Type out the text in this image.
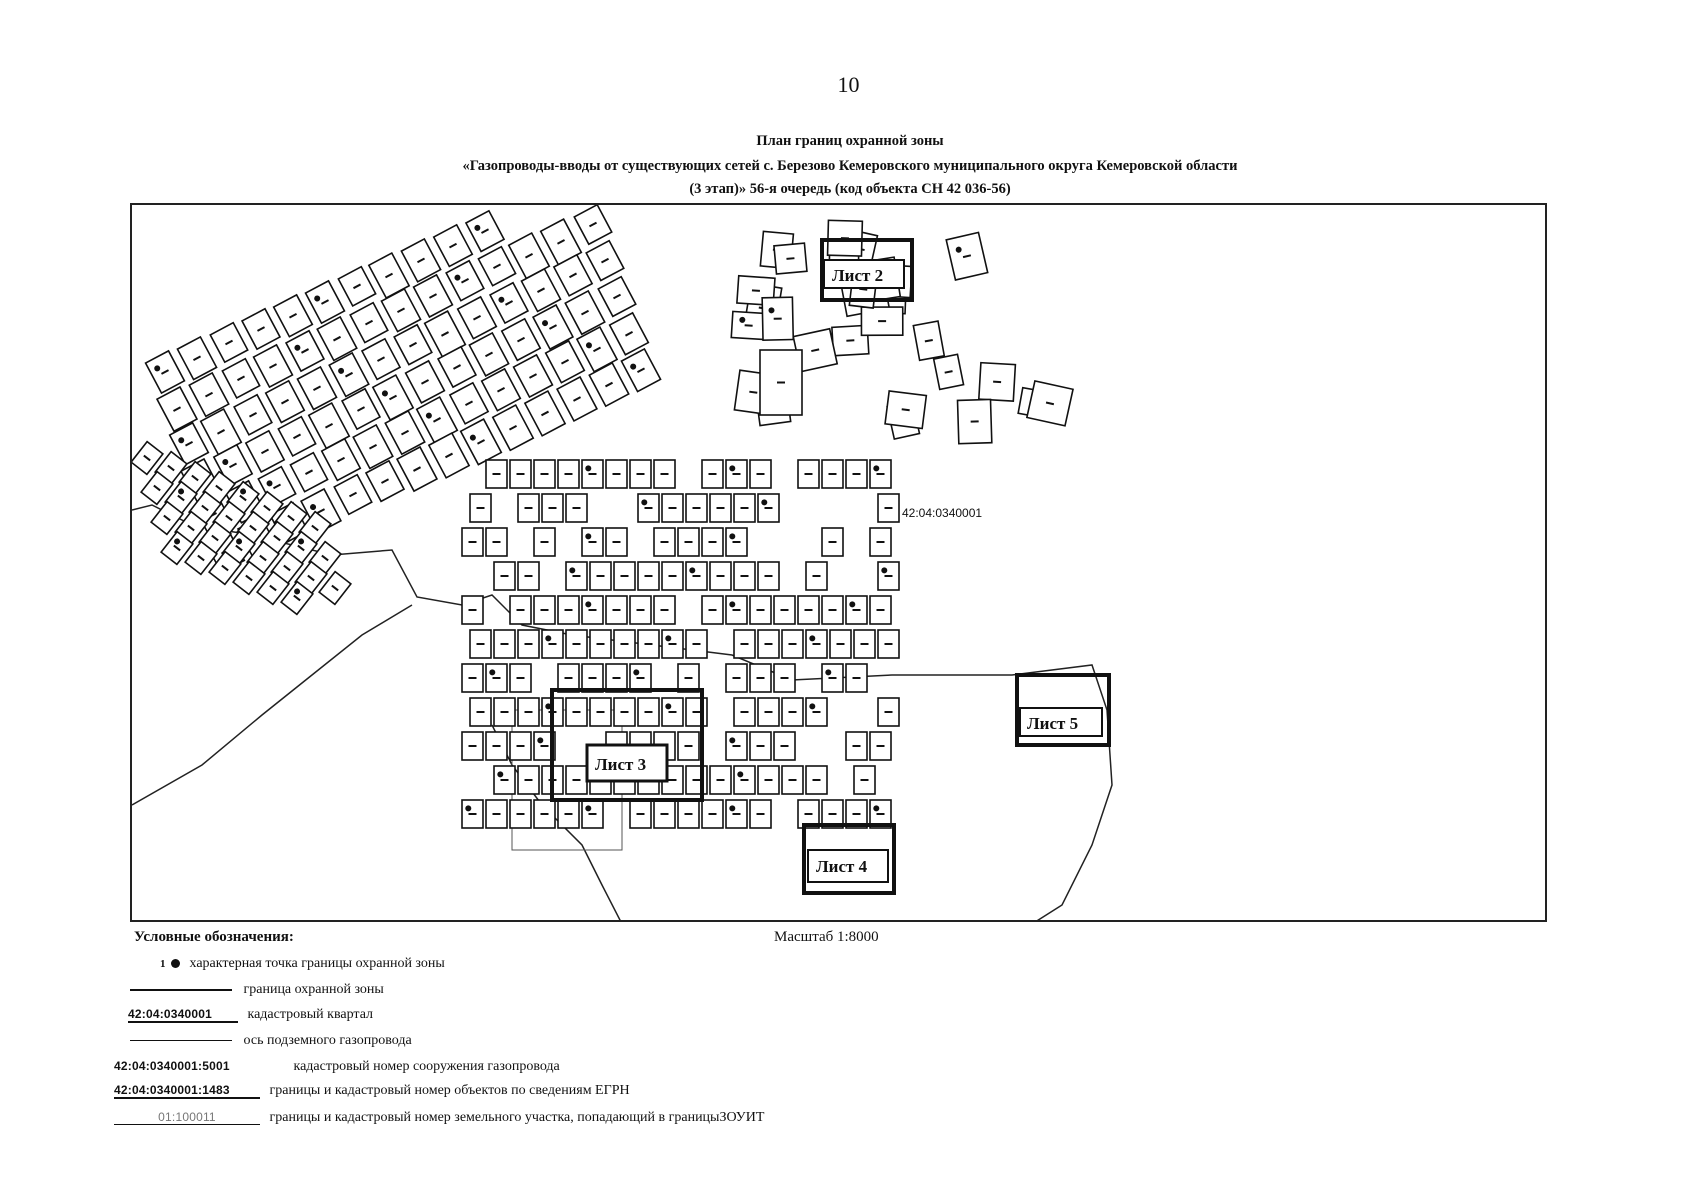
10
План границ охранной зоны
«Газопроводы-вводы от существующих сетей с. Березово Кемеровского муниципального округа Кемеровской области
(3 этап)» 56-я очередь (код объекта СН 42 036-56)
Лист 2
Лист 3
Лист 4
Лист 5
42:04:0340001
Условные обозначения:	Масштаб 1:8000
1 характерная точка границы охранной зоны
граница охранной зоны
42:04:0340001	кадастровый квартал
ось подземного газопровода
42:04:0340001:5001	кадастровый номер сооружения газопровода
42:04:0340001:1483	границы и кадастровый номер объектов по сведениям ЕГРН
01:100011	границы и кадастровый номер земельного участка, попадающий в границыЗОУИТ
